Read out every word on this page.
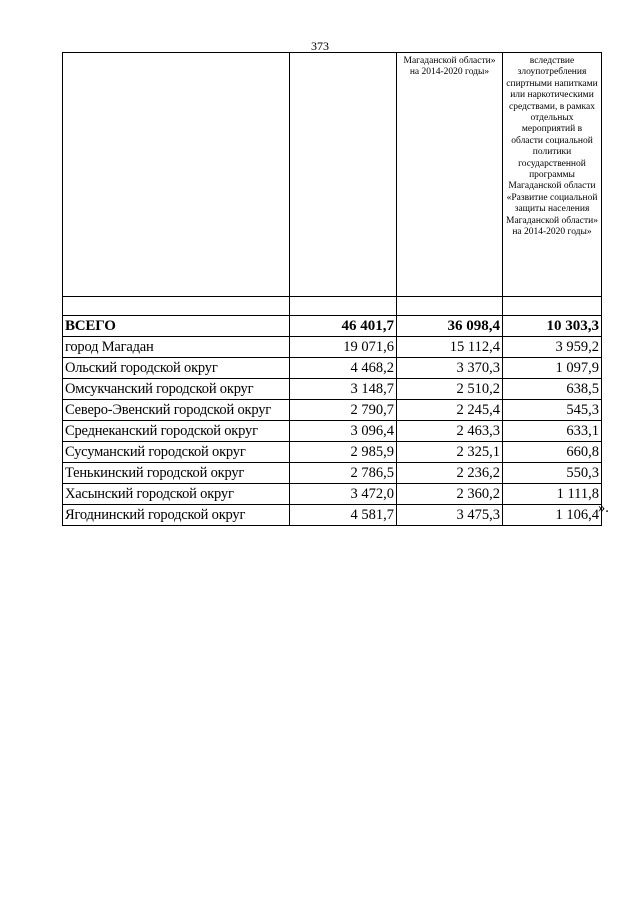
373
		Магаданской области» на 2014-2020 годы»	вследствие злоупотребления спиртными напитками или наркотическими средствами, в рамках отдельных мероприятий в области социальной политики государственной программы Магаданской области «Развитие социальной защиты населения Магаданской области» на 2014-2020 годы»

ВСЕГО	46 401,7	36 098,4	10 303,3
город Магадан	19 071,6	15 112,4	3 959,2
Ольский городской округ	4 468,2	3 370,3	1 097,9
Омсукчанский городской округ	3 148,7	2 510,2	638,5
Северо-Эвенский городской округ	2 790,7	2 245,4	545,3
Среднеканский городской округ	3 096,4	2 463,3	633,1
Сусуманский городской округ	2 985,9	2 325,1	660,8
Тенькинский городской округ	2 786,5	2 236,2	550,3
Хасынский городской округ	3 472,0	2 360,2	1 111,8
Ягоднинский городской округ	4 581,7	3 475,3	1 106,4 ».
